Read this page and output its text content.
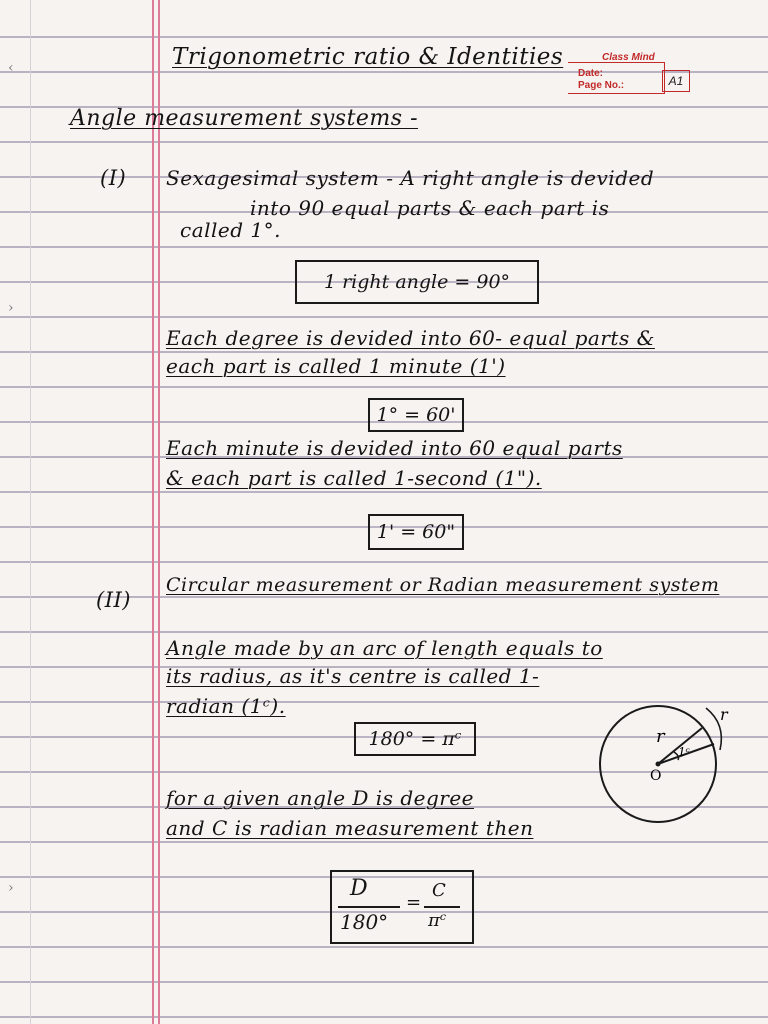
‹
›
›
Class Mind
Date:
Page No.:	A1
Trigonometric ratio & Identities
Angle measurement systems -
(I) Sexagesimal system - A right angle is devided
into 90 equal parts & each part is
called 1°.
1 right angle = 90°
Each degree is devided into 60- equal parts &
each part is called 1 minute (1')
1° = 60'
Each minute is devided into 60 equal parts
& each part is called 1-second (1").
1' = 60"
(II)
Circular measurement or Radian measurement system
Angle made by an arc of length equals to
its radius, as it's centre is called 1-
radian (1ᶜ).
180° = πᶜ	r
r
1ᶜ
O
for a given angle D is degree
and C is radian measurement then
D
180°
=
C
πᶜ
